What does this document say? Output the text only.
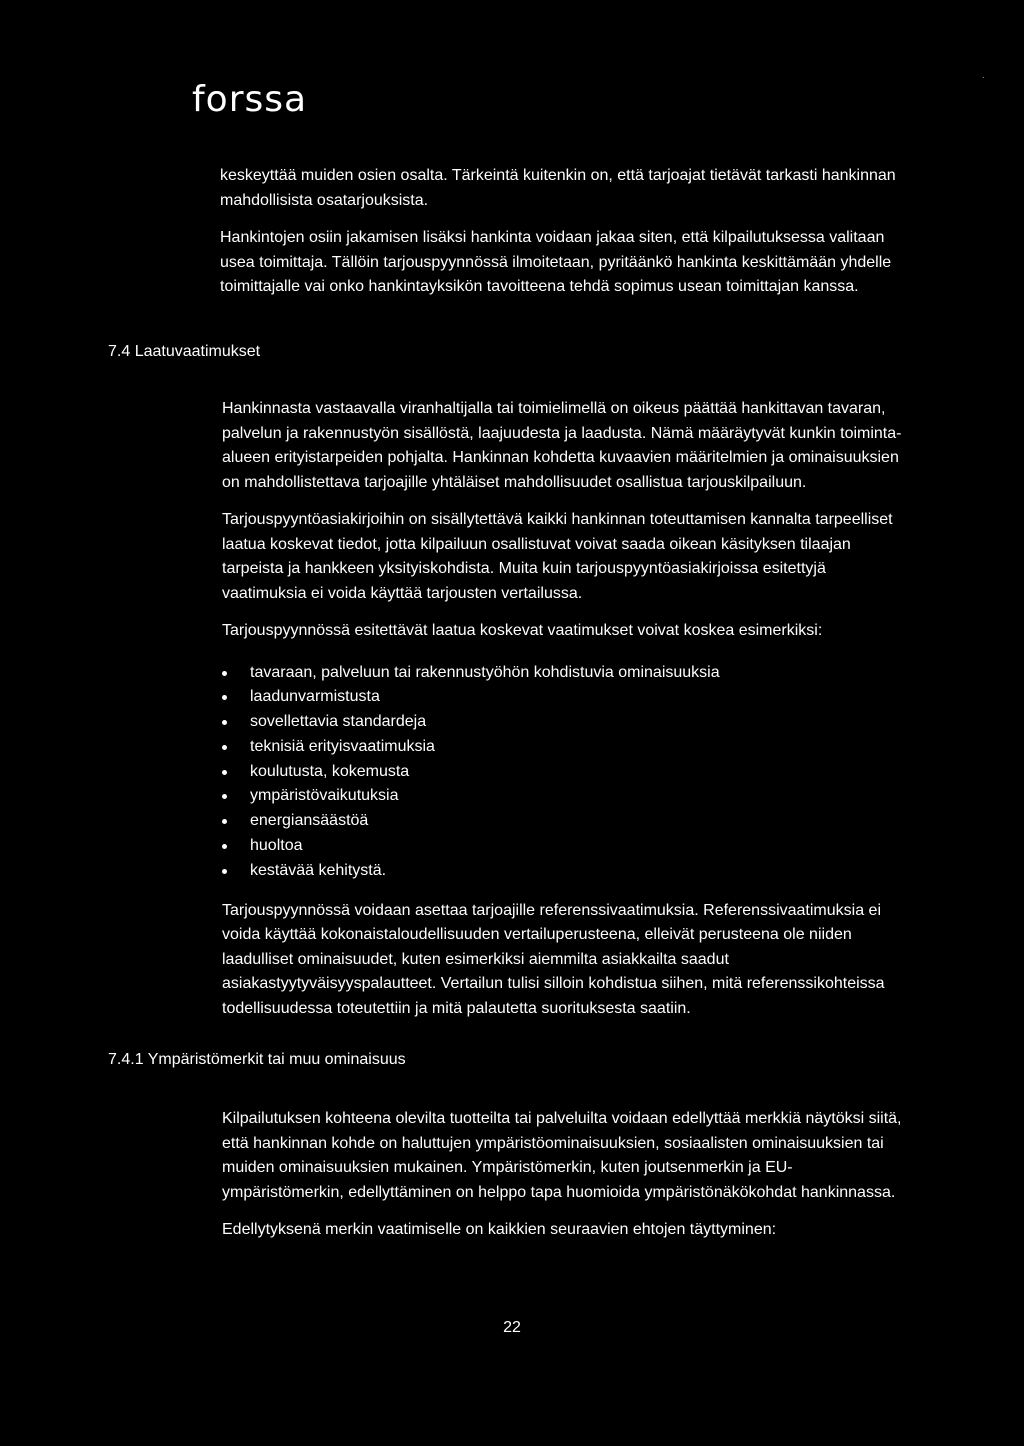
forssa
.

keskeyttää muiden osien osalta. Tärkeintä kuitenkin on, että tarjoajat tietävät tarkasti hankinnan mahdollisista osatarjouksista.

Hankintojen osiin jakamisen lisäksi hankinta voidaan jakaa siten, että kilpailutuksessa valitaan usea toimittaja. Tällöin tarjouspyynnössä ilmoitetaan, pyritäänkö hankinta keskittämään yhdelle toimittajalle vai onko hankintayksikön tavoitteena tehdä sopimus usean toimittajan kanssa.

7.4 Laatuvaatimukset

Hankinnasta vastaavalla viranhaltijalla tai toimielimellä on oikeus päättää hankittavan tavaran, palvelun ja rakennustyön sisällöstä, laajuudesta ja laadusta. Nämä määräytyvät kunkin toiminta-alueen erityistarpeiden pohjalta. Hankinnan kohdetta kuvaavien määritelmien ja ominaisuuksien on mahdollistettava tarjoajille yhtäläiset mahdollisuudet osallistua tarjouskilpailuun.

Tarjouspyyntöasiakirjoihin on sisällytettävä kaikki hankinnan toteuttamisen kannalta tarpeelliset laatua koskevat tiedot, jotta kilpailuun osallistuvat voivat saada oikean käsityksen tilaajan tarpeista ja hankkeen yksityiskohdista. Muita kuin tarjouspyyntöasiakirjoissa esitettyjä vaatimuksia ei voida käyttää tarjousten vertailussa.

Tarjouspyynnössä esitettävät laatua koskevat vaatimukset voivat koskea esimerkiksi:

tavaraan, palveluun tai rakennustyöhön kohdistuvia ominaisuuksia
laadunvarmistusta
sovellettavia standardeja
teknisiä erityisvaatimuksia
koulutusta, kokemusta
ympäristövaikutuksia
energiansäästöä
huoltoa
kestävää kehitystä.

Tarjouspyynnössä voidaan asettaa tarjoajille referenssivaatimuksia. Referenssivaatimuksia ei voida käyttää kokonaistaloudellisuuden vertailuperusteena, elleivät perusteena ole niiden laadulliset ominaisuudet, kuten esimerkiksi aiemmilta asiakkailta saadut asiakastyytyväisyyspalautteet. Vertailun tulisi silloin kohdistua siihen, mitä referenssikohteissa todellisuudessa toteutettiin ja mitä palautetta suorituksesta saatiin.

7.4.1 Ympäristömerkit tai muu ominaisuus

Kilpailutuksen kohteena olevilta tuotteilta tai palveluilta voidaan edellyttää merkkiä näytöksi siitä, että hankinnan kohde on haluttujen ympäristöominaisuuksien, sosiaalisten ominaisuuksien tai muiden ominaisuuksien mukainen. Ympäristömerkin, kuten joutsenmerkin ja EU-ympäristömerkin, edellyttäminen on helppo tapa huomioida ympäristönäkökohdat hankinnassa.

Edellytyksenä merkin vaatimiselle on kaikkien seuraavien ehtojen täyttyminen:

22
